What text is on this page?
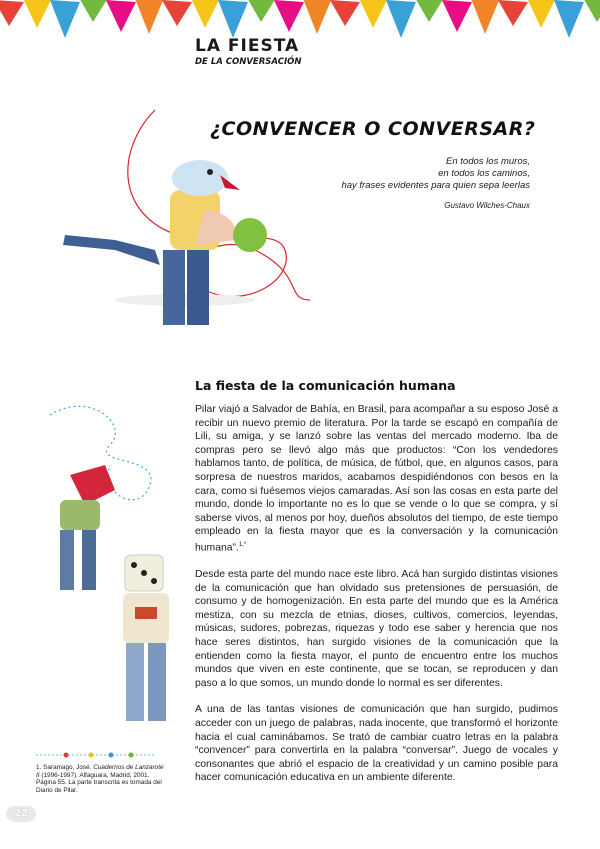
LA FIESTA
DE LA CONVERSACIÓN
¿CONVENCER O CONVERSAR?
En todos los muros,
en todos los caminos,
hay frases evidentes para quien sepa leerlas
Gustavo Wilches-Chaux
La fiesta de la comunicación humana

Pilar viajó a Salvador de Bahía, en Brasil, para acompañar a su esposo José a recibir un nuevo premio de literatura. Por la tarde se escapó en compañía de Lili, su amiga, y se lanzó sobre las ventas del mercado moderno. Iba de compras pero se llevó algo más que productos: “Con los vendedores hablamos tanto, de política, de música, de fútbol, que, en algunos casos, para sorpresa de nuestros maridos, acabamos despidiéndonos con besos en la cara, como si fuésemos viejos camaradas. Así son las cosas en esta parte del mundo, donde lo importante no es lo que se vende o lo que se compra, y sí saberse vivos, al menos por hoy, dueños absolutos del tiempo, de este tiempo empleado en la fiesta mayor que es la conversación y la comunicación humana”.$^{1,*}$

Desde esta parte del mundo nace este libro. Acá han surgido distintas visiones de la comunicación que han olvidado sus pretensiones de persuasión, de consumo y de homogenización. En esta parte del mundo que es la América mestiza, con su mezcla de etnias, dioses, cultivos, comercios, leyendas, músicas, sudores, pobrezas, riquezas y todo ese saber y herencia que nos hace seres distintos, han surgido visiones de la comunicación que la entienden como la fiesta mayor, el punto de encuentro entre los muchos mundos que viven en este continente, que se tocan, se reproducen y dan paso a lo que somos, un mundo donde lo normal es ser diferentes.

A una de las tantas visiones de comunicación que han surgido, pudimos acceder con un juego de palabras, nada inocente, que transformó el horizonte hacia el cual caminábamos. Se trató de cambiar cuatro letras en la palabra “convencer” para convertirla en la palabra “conversar”. Juego de vocales y consonantes que abrió el espacio de la creatividad y un camino posible para hacer comunicación educativa en un ambiente diferente.

1. Saramago, José. Cuadernos de Lanzarote II (1996-1997). Alfaguara, Madrid, 2001. Página 55. La parte transcrita es tomada del Diario de Pilar.
22
